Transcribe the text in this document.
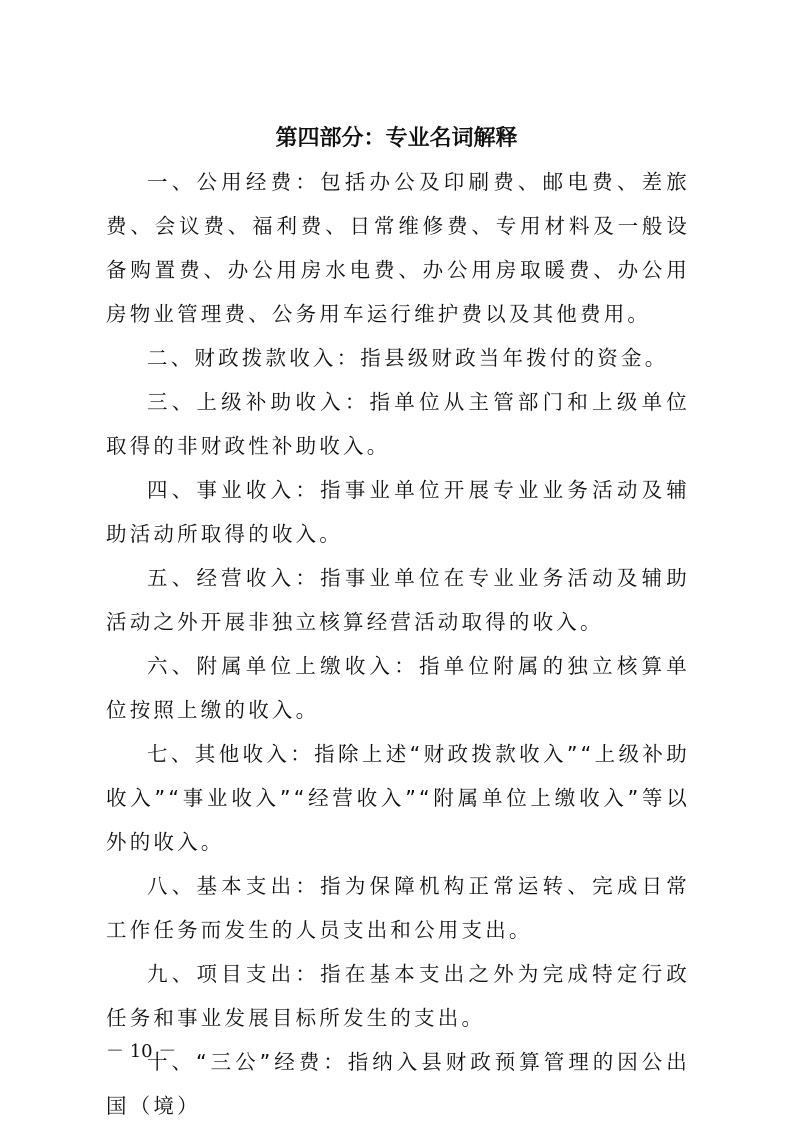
第四部分：专业名词解释

一、公用经费：包括办公及印刷费、邮电费、差旅费、会议费、福利费、日常维修费、专用材料及一般设备购置费、办公用房水电费、办公用房取暖费、办公用房物业管理费、公务用车运行维护费以及其他费用。

二、财政拨款收入：指县级财政当年拨付的资金。

三、上级补助收入：指单位从主管部门和上级单位取得的非财政性补助收入。

四、事业收入：指事业单位开展专业业务活动及辅助活动所取得的收入。

五、经营收入：指事业单位在专业业务活动及辅助活动之外开展非独立核算经营活动取得的收入。

六、附属单位上缴收入：指单位附属的独立核算单位按照上缴的收入。

七、其他收入：指除上述“财政拨款收入”“上级补助收入”“事业收入”“经营收入”“附属单位上缴收入”等以外的收入。

八、基本支出：指为保障机构正常运转、完成日常工作任务而发生的人员支出和公用支出。

九、项目支出：指在基本支出之外为完成特定行政任务和事业发展目标所发生的支出。

十、“三公”经费：指纳入县财政预算管理的因公出国（境）

－ 10 －
